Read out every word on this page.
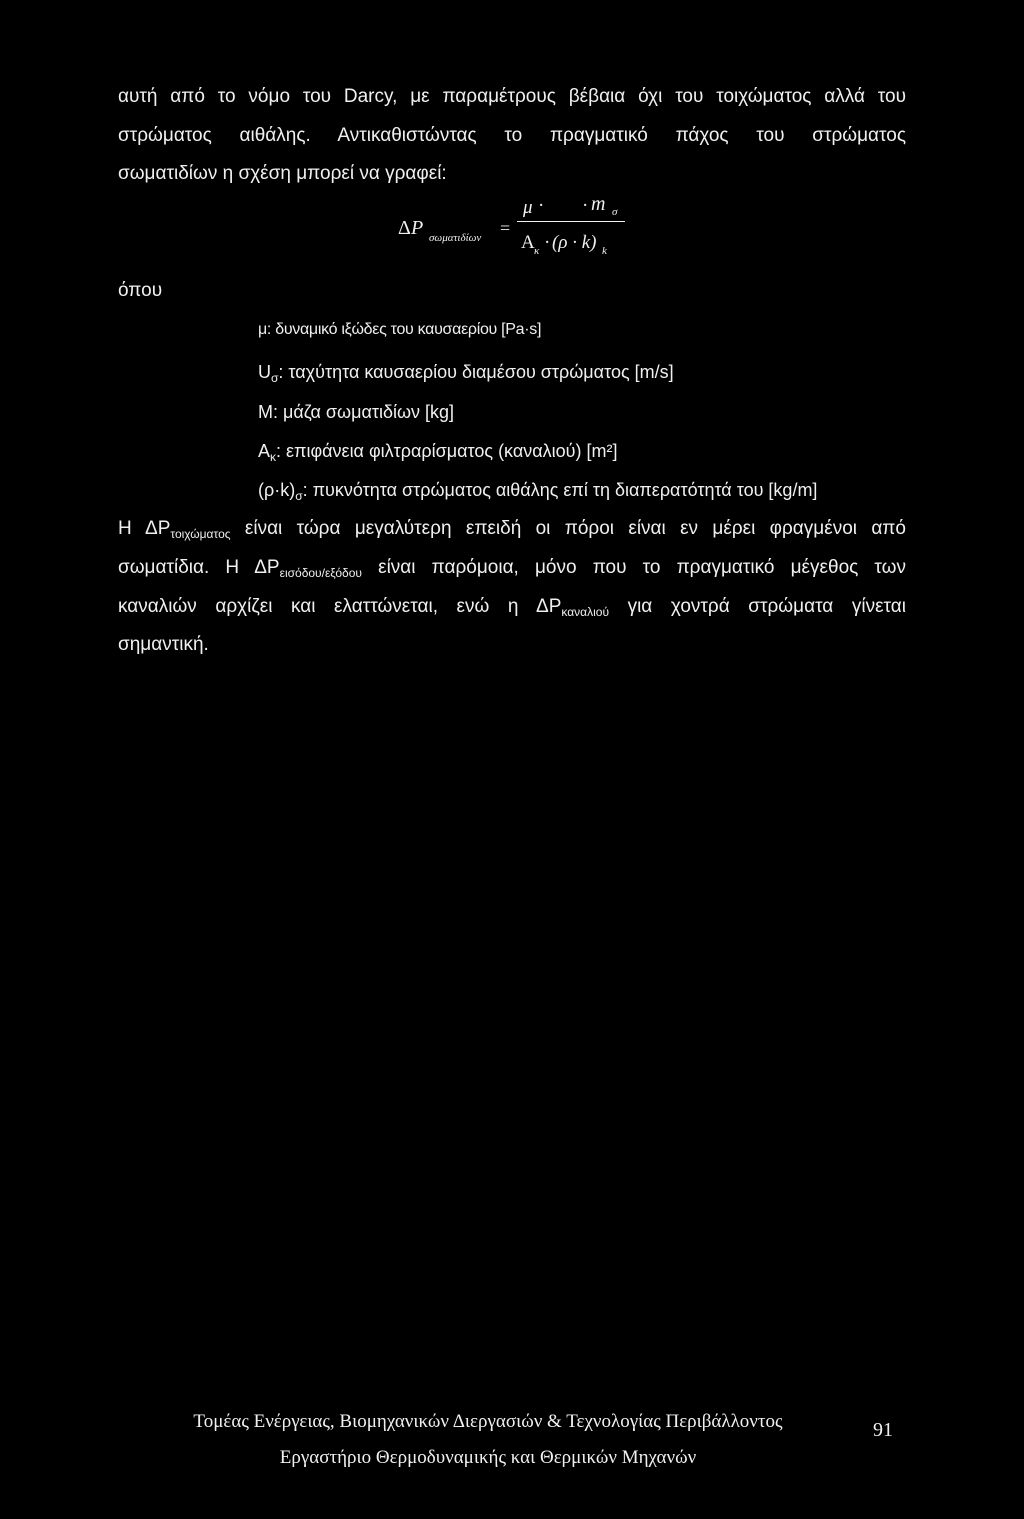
αυτή από το νόμο του Darcy, με παραμέτρους βέβαια όχι του τοιχώματος αλλά του
στρώματος αιθάλης. Αντικαθιστώντας το πραγματικό πάχος του στρώματος
σωματιδίων η σχέση μπορεί να γραφεί:
Δ P σωματιδίων =
μ · · m σ
A κ · (ρ · k) k
όπου
μ: δυναμικό ιξώδες του καυσαερίου [Pa·s]
$U_\sigma$: ταχύτητα καυσαερίου διαμέσου στρώματος [m/s]
M: μάζα σωματιδίων [kg]
$A_\kappa$: επιφάνεια φιλτραρίσματος (καναλιού) [m²]
$(\rho\cdot k)_\sigma$: πυκνότητα στρώματος αιθάλης επί τη διαπερατότητά του [kg/m]
Η $\Delta P_{\tau o\iota\chi ώ\mu\alpha\tau o\varsigma}$ είναι τώρα μεγαλύτερη επειδή οι πόροι είναι εν μέρει φραγμένοι από
σωματίδια. Η $\Delta P_{\varepsilon\iota\sigma ό\delta o\upsilon/\varepsilon\xi ό\delta o\upsilon}$ είναι παρόμοια, μόνο που το πραγματικό μέγεθος των
καναλιών αρχίζει και ελαττώνεται, ενώ η $\Delta P_{\kappa\alpha\nu\alpha\lambda\iota oύ}$ για χοντρά στρώματα γίνεται
σημαντική.
Τομέας Ενέργειας, Βιομηχανικών Διεργασιών & Τεχνολογίας Περιβάλλοντος	91
Εργαστήριο Θερμοδυναμικής και Θερμικών Μηχανών
